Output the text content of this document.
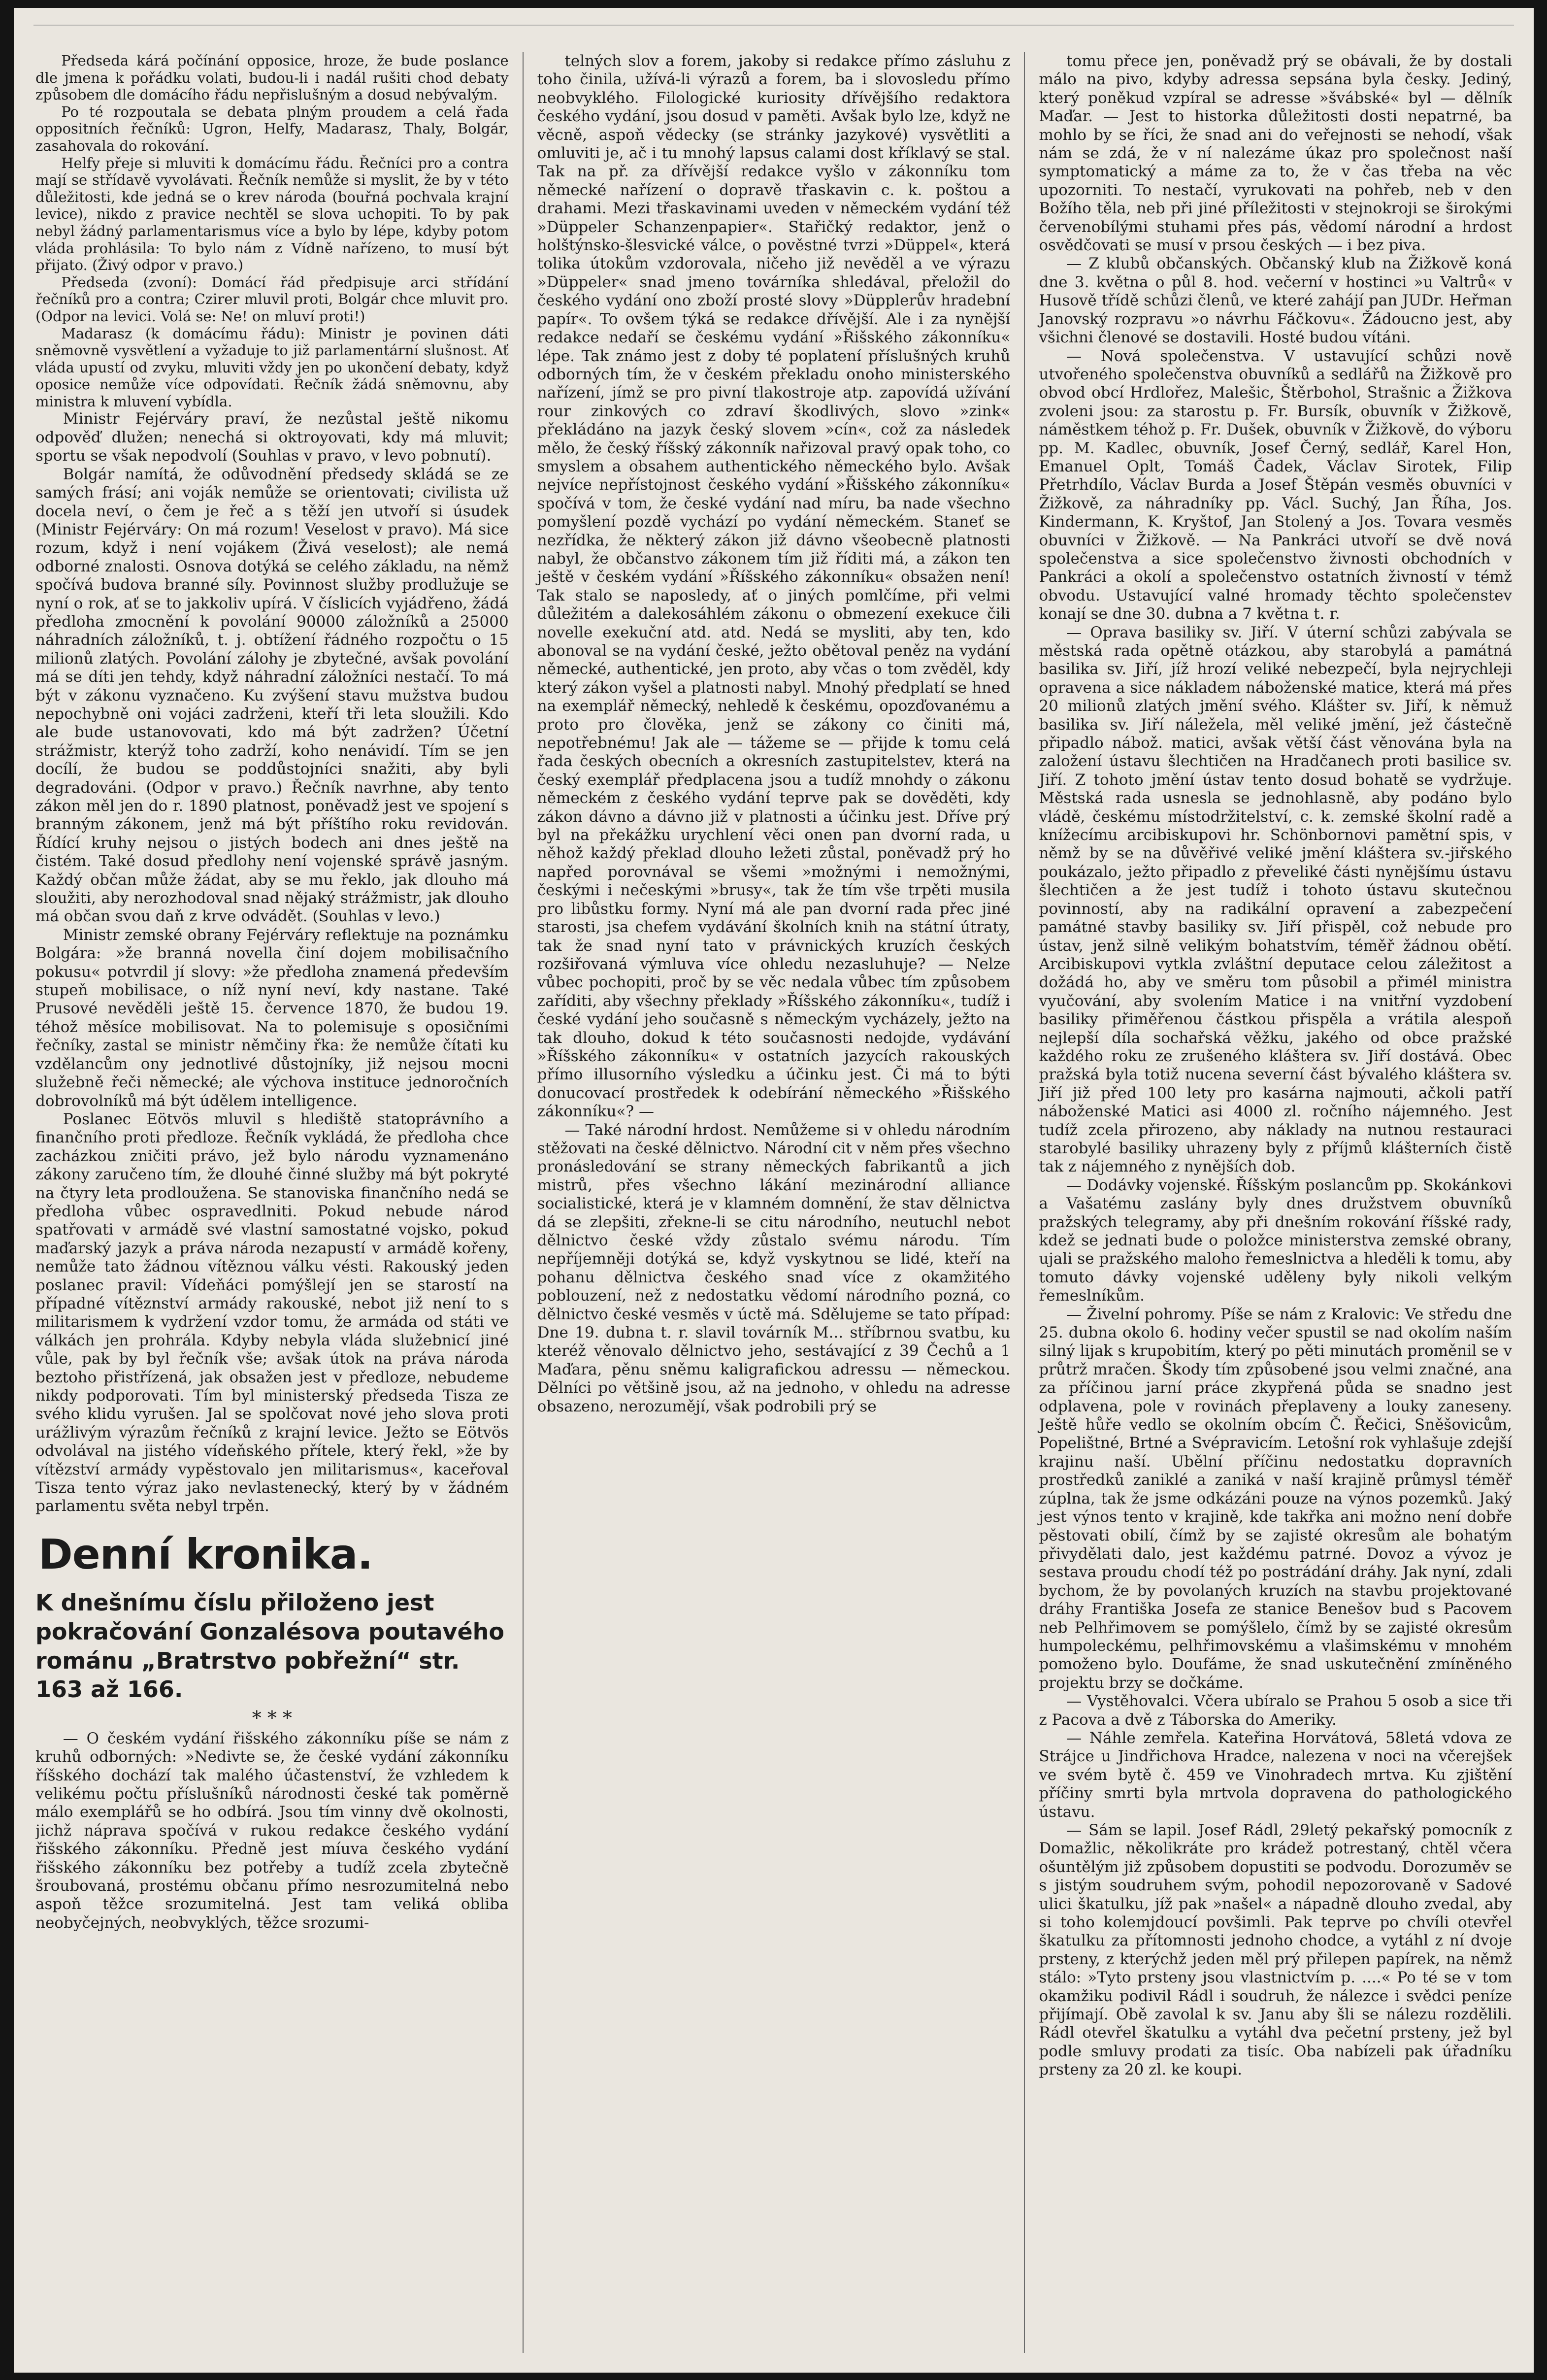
Předseda kárá počínání opposice, hroze, že bude poslance dle jmena k pořádku volati, budou-li i nadál rušiti chod debaty způsobem dle domácího řádu nepřislušným a dosud nebývalým.

Po té rozpoutala se debata plným proudem a celá řada oppositních řečníků: Ugron, Helfy, Madarasz, Thaly, Bolgár, zasahovala do rokování.

Helfy přeje si mluviti k domácímu řádu. Řečníci pro a contra mají se střídavě vyvolávati. Řečník nemůže si myslit, že by v této důležitosti, kde jedná se o krev národa (bouřná pochvala krajní levice), nikdo z pravice nechtěl se slova uchopiti. To by pak nebyl žádný parlamentarismus více a bylo by lépe, kdyby potom vláda prohlásila: To bylo nám z Vídně nařízeno, to musí být přijato. (Živý odpor v pravo.)

Předseda (zvoní): Domácí řád předpisuje arci střídání řečníků pro a contra; Czirer mluvil proti, Bolgár chce mluvit pro. (Odpor na levici. Volá se: Ne! on mluví proti!)

Madarasz (k domácímu řádu): Ministr je povinen dáti sněmovně vysvětlení a vyžaduje to již parlamentární slušnost. Ať vláda upustí od zvyku, mluviti vždy jen po ukončení debaty, když oposice nemůže více odpovídati. Řečník žádá sněmovnu, aby ministra k mluvení vybídla.

Ministr Fejérváry praví, že nezůstal ještě nikomu odpověď dlužen; nenechá si oktroyovati, kdy má mluvit; sportu se však nepodvolí (Souhlas v pravo, v levo pobnutí).

Bolgár namítá, že odůvodnění předsedy skládá se ze samých frásí; ani voják nemůže se orientovati; civilista už docela neví, o čem je řeč a s těží jen utvoří si úsudek (Ministr Fejérváry: On má rozum! Veselost v pravo). Má sice rozum, když i není vojákem (Živá veselost); ale nemá odborné znalosti. Osnova dotýká se celého základu, na němž spočívá budova branné síly. Povinnost služby prodlužuje se nyní o rok, ať se to jakkoliv upírá. V číslicích vyjádřeno, žádá předloha zmocnění k povolání 90000 záložníků a 25000 náhradních záložníků, t. j. obtížení řádného rozpočtu o 15 milionů zlatých. Povolání zálohy je zbytečné, avšak povolání má se díti jen tehdy, když náhradní záložníci nestačí. To má být v zákonu vyznačeno. Ku zvýšení stavu mužstva budou nepochybně oni vojáci zadrženi, kteří tři leta sloužili. Kdo ale bude ustanovovati, kdo má být zadržen? Účetní strážmistr, kterýž toho zadrží, koho nenávidí. Tím se jen docílí, že budou se poddůstojníci snažiti, aby byli degradováni. (Odpor v pravo.) Řečník navrhne, aby tento zákon měl jen do r. 1890 platnost, poněvadž jest ve spojení s branným zákonem, jenž má být příštího roku revidován. Řídící kruhy nejsou o jistých bodech ani dnes ještě na čistém. Také dosud předlohy není vojenské správě jasným. Každý občan může žádat, aby se mu řeklo, jak dlouho má sloužiti, aby nerozhodoval snad nějaký strážmistr, jak dlouho má občan svou daň z krve odvádět. (Souhlas v levo.)

Ministr zemské obrany Fejérváry reflektuje na poznámku Bolgára: »že branná novella činí dojem mobilisačního pokusu« potvrdil jí slovy: »že předloha znamená především stupeň mobilisace, o níž nyní neví, kdy nastane. Také Prusové nevěděli ještě 15. července 1870, že budou 19. téhož měsíce mobilisovat. Na to polemisuje s oposičními řečníky, zastal se ministr němčiny řka: že nemůže čítati ku vzdělancům ony jednotlivé důstojníky, již nejsou mocni služebně řeči německé; ale výchova instituce jednoročních dobrovolníků má být údělem intelligence.

Poslanec Eötvös mluvil s hlediště statoprávního a finančního proti předloze. Řečník vykládá, že předloha chce zacházkou zničiti právo, jež bylo národu vyznamenáno zákony zaručeno tím, že dlouhé činné služby má být pokryté na čtyry leta prodloužena. Se stanoviska finančního nedá se předloha vůbec ospravedlniti. Pokud nebude národ spatřovati v armádě své vlastní samostatné vojsko, pokud maďarský jazyk a práva národa nezapustí v armádě kořeny, nemůže tato žádnou vítěznou válku vésti. Rakouský jeden poslanec pravil: Vídeňáci pomýšlejí jen se starostí na případné vítěznství armády rakouské, nebot již není to s militarismem k vydržení vzdor tomu, že armáda od státi ve válkách jen prohrála. Kdyby nebyla vláda služebnicí jiné vůle, pak by byl řečník vše; avšak útok na práva národa beztoho přistřízená, jak obsažen jest v předloze, nebudeme nikdy podporovati. Tím byl ministerský předseda Tisza ze svého klidu vyrušen. Jal se spolčovat nové jeho slova proti urážlivým výrazům řečníků z krajní levice. Ježto se Eötvös odvolával na jistého vídeňského přítele, který řekl, »že by vítězství armády vypěstovalo jen militarismus«, kaceřoval Tisza tento výraz jako nevlastenecký, který by v žádném parlamentu světa nebyl trpěn.

Denní kronika.
K dnešnímu číslu přiloženo jest pokračování Gonzalésova poutavého románu „Bratrstvo pobřežní“ str. 163 až 166.
* * *

— O českém vydání řišského zákonníku píše se nám z kruhů odborných: »Nedivte se, že české vydání zákonníku říšského dochází tak malého účastenství, že vzhledem k velikému počtu příslušníků národnosti české tak poměrně málo exemplářů se ho odbírá. Jsou tím vinny dvě okolnosti, jichž náprava spočívá v rukou redakce českého vydání řišského zákonníku. Předně jest míuva českého vydání řišského zákonníku bez potřeby a tudíž zcela zbytečně šroubovaná, prostému občanu přímo nesrozumitelná nebo aspoň těžce srozumitelná. Jest tam veliká obliba neobyčejných, neobvyklých, těžce srozumi-

telných slov a forem, jakoby si redakce přímo zásluhu z toho činila, užívá-li výrazů a forem, ba i slovosledu přímo neobvyklého. Filologické kuriosity dřívějšího redaktora českého vydání, jsou dosud v paměti. Avšak bylo lze, když ne věcně, aspoň vědecky (se stránky jazykové) vysvětliti a omluviti je, ač i tu mnohý lapsus calami dost kříklavý se stal. Tak na př. za dřívější redakce vyšlo v zákonníku tom německé nařízení o dopravě třaskavin c. k. poštou a drahami. Mezi třaskavinami uveden v německém vydání též »Düppeler Schanzenpapier«. Stařičký redaktor, jenž o holštýnsko-šlesvické válce, o pověstné tvrzi »Düppel«, která tolika útokům vzdorovala, ničeho již nevěděl a ve výrazu »Düppeler« snad jmeno továrníka shledával, přeložil do českého vydání ono zboží prosté slovy »Düpplerův hradební papír«. To ovšem týká se redakce dřívější. Ale i za nynější redakce nedaří se českému vydání »Řišského zákonníku« lépe. Tak známo jest z doby té poplatení příslušných kruhů odborných tím, že v českém překladu onoho ministerského nařízení, jímž se pro pivní tlakostroje atp. zapovídá užívání rour zinkových co zdraví škodlivých, slovo »zink« překládáno na jazyk český slovem »cín«, což za následek mělo, že český říšský zákonník nařizoval pravý opak toho, co smyslem a obsahem authentického německého bylo. Avšak nejvíce nepřístojnost českého vydání »Řišského zákonníku« spočívá v tom, že české vydání nad míru, ba nade všechno pomyšlení pozdě vychází po vydání německém. Staneť se nezřídka, že některý zákon již dávno všeobecně platnosti nabyl, že občanstvo zákonem tím již říditi má, a zákon ten ještě v českém vydání »Říšského zákonníku« obsažen není! Tak stalo se naposledy, ať o jiných pomlčíme, při velmi důležitém a dalekosáhlém zákonu o obmezení exekuce čili novelle exekuční atd. atd. Nedá se mysliti, aby ten, kdo abonoval se na vydání české, ježto obětoval peněz na vydání německé, authentické, jen proto, aby včas o tom zvěděl, kdy který zákon vyšel a platnosti nabyl. Mnohý předplatí se hned na exemplář německý, nehledě k českému, opozďovanému a proto pro člověka, jenž se zákony co činiti má, nepotřebnému! Jak ale — tážeme se — přijde k tomu celá řada českých obecních a okresních zastupitelstev, která na český exemplář předplacena jsou a tudíž mnohdy o zákonu německém z českého vydání teprve pak se dověděti, kdy zákon dávno a dávno již v platnosti a účinku jest. Dříve prý byl na překážku urychlení věci onen pan dvorní rada, u něhož každý překlad dlouho ležeti zůstal, poněvadž prý ho napřed porovnával se všemi »možnými i nemožnými, českými i nečeskými »brusy«, tak že tím vše trpěti musila pro libůstku formy. Nyní má ale pan dvorní rada přec jiné starosti, jsa chefem vydávání školních knih na státní útraty, tak že snad nyní tato v právnických kruzích českých rozšiřovaná výmluva více ohledu nezasluhuje? — Nelze vůbec pochopiti, proč by se věc nedala vůbec tím způsobem zaříditi, aby všechny překlady »Říšského zákonníku«, tudíž i české vydání jeho současně s německým vycházely, ježto na tak dlouho, dokud k této současnosti nedojde, vydávání »Říšského zákonníku« v ostatních jazycích rakouských přímo illusorního výsledku a účinku jest. Či má to býti donucovací prostředek k odebírání německého »Řišského zákonníku«? —

— Také národní hrdost. Nemůžeme si v ohledu národním stěžovati na české dělnictvo. Národní cit v něm přes všechno pronásledování se strany německých fabrikantů a jich mistrů, přes všechno lákání mezinárodní alliance socialistické, která je v klamném domnění, že stav dělnictva dá se zlepšiti, zřekne-li se citu národního, neutuchl nebot dělnictvo české vždy zůstalo svému národu. Tím nepříjemněji dotýká se, když vyskytnou se lidé, kteří na pohanu dělnictva českého snad více z okamžitého poblouzení, než z nedostatku vědomí národního pozná, co dělnictvo české vesměs v úctě má. Sdělujeme se tato případ: Dne 19. dubna t. r. slavil továrník M... stříbrnou svatbu, ku kteréž věnovalo dělnictvo jeho, sestávající z 39 Čechů a 1 Maďara, pěnu sněmu kaligrafickou adressu — německou. Dělníci po většině jsou, až na jednoho, v ohledu na adresse obsazeno, nerozumějí, však podrobili prý se

tomu přece jen, poněvadž prý se obávali, že by dostali málo na pivo, kdyby adressa sepsána byla česky. Jediný, který poněkud vzpíral se adresse »švábské« byl — dělník Maďar. — Jest to historka důležitosti dosti nepatrné, ba mohlo by se říci, že snad ani do veřejnosti se nehodí, však nám se zdá, že v ní nalezáme úkaz pro společnost naší symptomatický a máme za to, že v čas třeba na věc upozorniti. To nestačí, vyrukovati na pohřeb, neb v den Božího těla, neb při jiné příležitosti v stejnokroji se širokými červenobílými stuhami přes pás, vědomí národní a hrdost osvědčovati se musí v prsou českých — i bez piva.

— Z klubů občanských. Občanský klub na Žižkově koná dne 3. května o půl 8. hod. večerní v hostinci »u Valtrů« v Husově třídě schůzi členů, ve které zahájí pan JUDr. Heřman Janovský rozpravu »o návrhu Fáčkovu«. Žádoucno jest, aby všichni členové se dostavili. Hosté budou vítáni.

— Nová společenstva. V ustavující schůzi nově utvořeného společenstva obuvníků a sedlářů na Žižkově pro obvod obcí Hrdlořez, Malešic, Štěrbohol, Strašnic a Žižkova zvoleni jsou: za starostu p. Fr. Bursík, obuvník v Žižkově, náměstkem téhož p. Fr. Dušek, obuvník v Žižkově, do výboru pp. M. Kadlec, obuvník, Josef Černý, sedlář, Karel Hon, Emanuel Oplt, Tomáš Čadek, Václav Sirotek, Filip Přetrhdílo, Václav Burda a Josef Štěpán vesměs obuvníci v Žižkově, za náhradníky pp. Václ. Suchý, Jan Říha, Jos. Kindermann, K. Kryštof, Jan Stolený a Jos. Tovara vesměs obuvníci v Žižkově. — Na Pankráci utvoří se dvě nová společenstva a sice společenstvo živnosti obchodních v Pankráci a okolí a společenstvo ostatních živností v témž obvodu. Ustavující valné hromady těchto společenstev konají se dne 30. dubna a 7 května t. r.

— Oprava basiliky sv. Jiří. V úterní schůzi zabývala se městská rada opětně otázkou, aby starobylá a památná basilika sv. Jiří, jíž hrozí veliké nebezpečí, byla nejrychleji opravena a sice nákladem náboženské matice, která má přes 20 milionů zlatých jmění svého. Klášter sv. Jiří, k němuž basilika sv. Jiří náležela, měl veliké jmění, jež částečně připadlo nábož. matici, avšak větší část věnována byla na založení ústavu šlechtičen na Hradčanech proti basilice sv. Jiří. Z tohoto jmění ústav tento dosud bohatě se vydržuje. Městská rada usnesla se jednohlasně, aby podáno bylo vládě, českému místodržitelství, c. k. zemské školní radě a knížecímu arcibiskupovi hr. Schönbornovi pamětní spis, v němž by se na důvěřivé veliké jmění kláštera sv.-jiřského poukázalo, ježto připadlo z převeliké části nynějšímu ústavu šlechtičen a že jest tudíž i tohoto ústavu skutečnou povinností, aby na radikální opravení a zabezpečení památné stavby basiliky sv. Jiří přispěl, což nebude pro ústav, jenž silně velikým bohatstvím, téměř žádnou obětí. Arcibiskupovi vytkla zvláštní deputace celou záležitost a dožádá ho, aby ve směru tom působil a přimél ministra vyučování, aby svolením Matice i na vnitřní vyzdobení basiliky přiměřenou částkou přispěla a vrátila alespoň nejlepší díla sochařská věžku, jakého od obce pražské každého roku ze zrušeného kláštera sv. Jiří dostává. Obec pražská byla totiž nucena severní část bývalého kláštera sv. Jiří již před 100 lety pro kasárna najmouti, ačkoli patří náboženské Matici asi 4000 zl. ročního nájemného. Jest tudíž zcela přirozeno, aby náklady na nutnou restauraci starobylé basiliky uhrazeny byly z příjmů klášterních čistě tak z nájemného z nynějších dob.

— Dodávky vojenské. Říšským poslancům pp. Skokánkovi a Vašatému zaslány byly dnes družstvem obuvníků pražských telegramy, aby při dnešním rokování říšské rady, kdež se jednati bude o položce ministerstva zemské obrany, ujali se pražského maloho řemeslnictva a hleděli k tomu, aby tomuto dávky vojenské uděleny byly nikoli velkým řemeslníkům.

— Živelní pohromy. Píše se nám z Kralovic: Ve středu dne 25. dubna okolo 6. hodiny večer spustil se nad okolím naším silný lijak s krupobitím, který po pěti minutách proměnil se v průtrž mračen. Škody tím způsobené jsou velmi značné, ana za příčinou jarní práce zkypřená půda se snadno jest odplavena, pole v rovinách přeplaveny a louky zaneseny. Ještě hůře vedlo se okolním obcím Č. Řečici, Sněšovicům, Popelištné, Brtné a Svépravicím. Letošní rok vyhlašuje zdejší krajinu naší. Ubělní příčinu nedostatku dopravních prostředků zaniklé a zaniká v naší krajině průmysl téměř zúplna, tak že jsme odkázáni pouze na výnos pozemků. Jaký jest výnos tento v krajině, kde takřka ani možno není dobře pěstovati obilí, čímž by se zajisté okresům ale bohatým přivydělati dalo, jest každému patrné. Dovoz a vývoz je sestava proudu chodí též po postrádání dráhy. Jak nyní, zdali bychom, že by povolaných kruzích na stavbu projektované dráhy Františka Josefa ze stanice Benešov bud s Pacovem neb Pelhřimovem se pomýšlelo, čímž by se zajisté okresům humpoleckému, pelhřimovskému a vlašimskému v mnohém pomoženo bylo. Doufáme, že snad uskutečnění zmíněného projektu brzy se dočkáme.

— Vystěhovalci. Včera ubíralo se Prahou 5 osob a sice tři z Pacova a dvě z Táborska do Ameriky.

— Náhle zemřela. Kateřina Horvátová, 58letá vdova ze Strájce u Jindřichova Hradce, nalezena v noci na včerejšek ve svém bytě č. 459 ve Vinohradech mrtva. Ku zjištění příčiny smrti byla mrtvola dopravena do pathologického ústavu.

— Sám se lapil. Josef Rádl, 29letý pekařský pomocník z Domažlic, několikráte pro krádež potrestaný, chtěl včera ošuntělým již způsobem dopustiti se podvodu. Dorozuměv se s jistým soudruhem svým, pohodil nepozorovaně v Sadové ulici škatulku, jíž pak »našel« a nápadně dlouho zvedal, aby si toho kolemjdoucí povšimli. Pak teprve po chvíli otevřel škatulku za přítomnosti jednoho chodce, a vytáhl z ní dvoje prsteny, z kterýchž jeden měl prý přilepen papírek, na němž stálo: »Tyto prsteny jsou vlastnictvím p. ....« Po té se v tom okamžiku podivil Rádl i soudruh, že nálezce i svědci peníze přijímají. Obě zavolal k sv. Janu aby šli se nálezu rozdělili. Rádl otevřel škatulku a vytáhl dva pečetní prsteny, jež byl podle smluvy prodati za tisíc. Oba nabízeli pak úřadníku prsteny za 20 zl. ke koupi.
